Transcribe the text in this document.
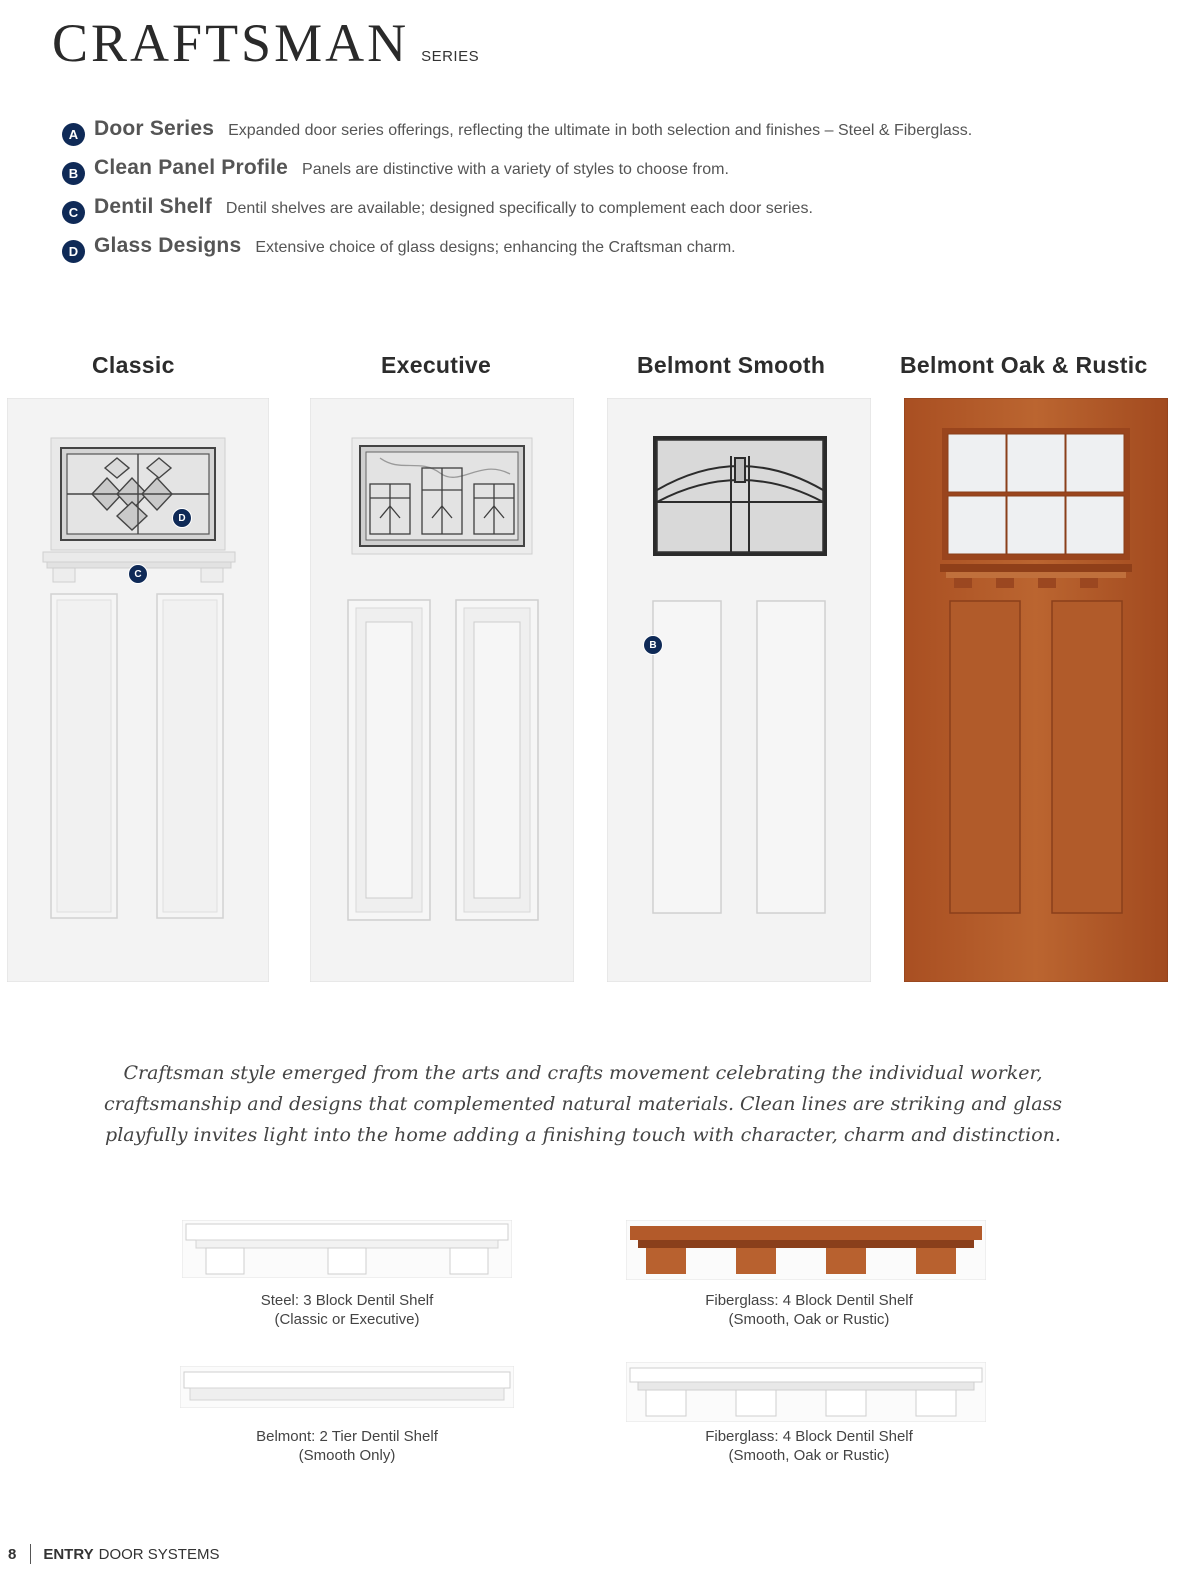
CRAFTSMAN SERIES
A Door Series Expanded door series offerings, reflecting the ultimate in both selection and finishes – Steel & Fiberglass.
B Clean Panel Profile Panels are distinctive with a variety of styles to choose from.
C Dentil Shelf Dentil shelves are available; designed specifically to complement each door series.
D Glass Designs Extensive choice of glass designs; enhancing the Craftsman charm.
Classic	Executive	Belmont Smooth	Belmont Oak & Rustic
D
C
B
Craftsman style emerged from the arts and crafts movement celebrating the individual worker, craftsmanship and designs that complemented natural materials. Clean lines are striking and glass playfully invites light into the home adding a finishing touch with character, charm and distinction.
Steel: 3 Block Dentil Shelf
(Classic or Executive)
Fiberglass: 4 Block Dentil Shelf
(Smooth, Oak or Rustic)
Belmont: 2 Tier Dentil Shelf
(Smooth Only)
Fiberglass: 4 Block Dentil Shelf
(Smooth, Oak or Rustic)
8 ENTRY DOOR SYSTEMS
